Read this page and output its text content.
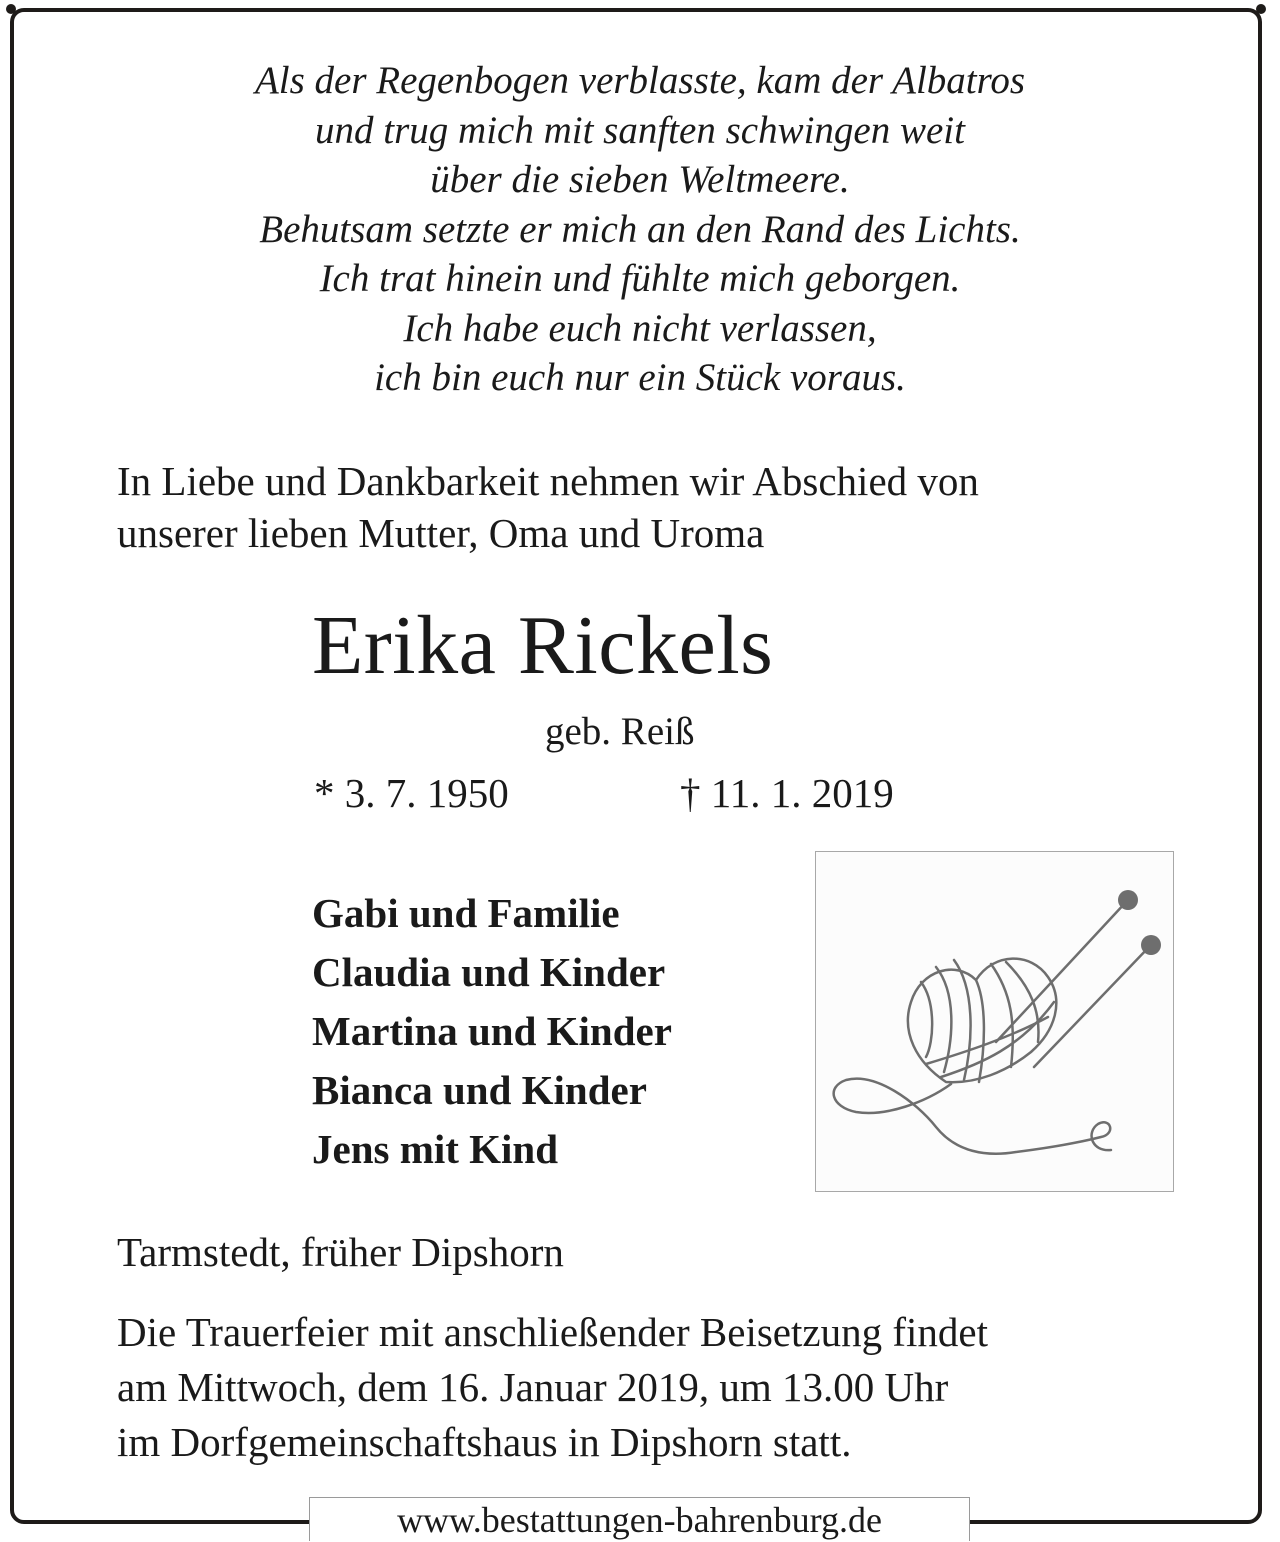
Als der Regenbogen verblasste, kam der Albatros
und trug mich mit sanften schwingen weit
über die sieben Weltmeere.
Behutsam setzte er mich an den Rand des Lichts.
Ich trat hinein und fühlte mich geborgen.
Ich habe euch nicht verlassen,
ich bin euch nur ein Stück voraus.
In Liebe und Dankbarkeit nehmen wir Abschied von
unserer lieben Mutter, Oma und Uroma
Erika Rickels
geb. Reiß
* 3. 7. 1950	† 11. 1. 2019
Gabi und Familie
Claudia und Kinder
Martina und Kinder
Bianca und Kinder
Jens mit Kind
Tarmstedt, früher Dipshorn
Die Trauerfeier mit anschließender Beisetzung findet
am Mittwoch, dem 16. Januar 2019, um 13.00 Uhr
im Dorfgemeinschaftshaus in Dipshorn statt.
www.bestattungen-bahrenburg.de
